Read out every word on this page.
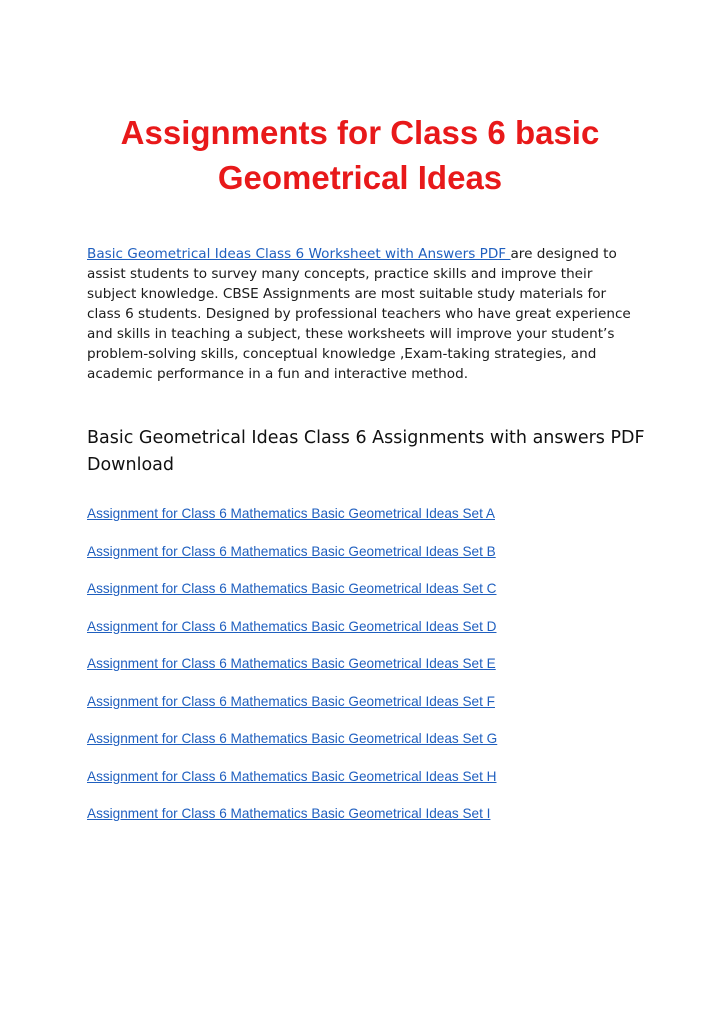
Assignments for Class 6 basic
Geometrical Ideas

Basic Geometrical Ideas Class 6 Worksheet with Answers PDF are designed to assist students to survey many concepts, practice skills and improve their subject knowledge. CBSE Assignments are most suitable study materials for class 6 students. Designed by professional teachers who have great experience and skills in teaching a subject, these worksheets will improve your student’s problem-solving skills, conceptual knowledge ,Exam-taking strategies, and academic performance in a fun and interactive method.

Basic Geometrical Ideas Class 6 Assignments with answers PDF Download
Assignment for Class 6 Mathematics Basic Geometrical Ideas Set A
Assignment for Class 6 Mathematics Basic Geometrical Ideas Set B
Assignment for Class 6 Mathematics Basic Geometrical Ideas Set C
Assignment for Class 6 Mathematics Basic Geometrical Ideas Set D
Assignment for Class 6 Mathematics Basic Geometrical Ideas Set E
Assignment for Class 6 Mathematics Basic Geometrical Ideas Set F
Assignment for Class 6 Mathematics Basic Geometrical Ideas Set G
Assignment for Class 6 Mathematics Basic Geometrical Ideas Set H
Assignment for Class 6 Mathematics Basic Geometrical Ideas Set I
